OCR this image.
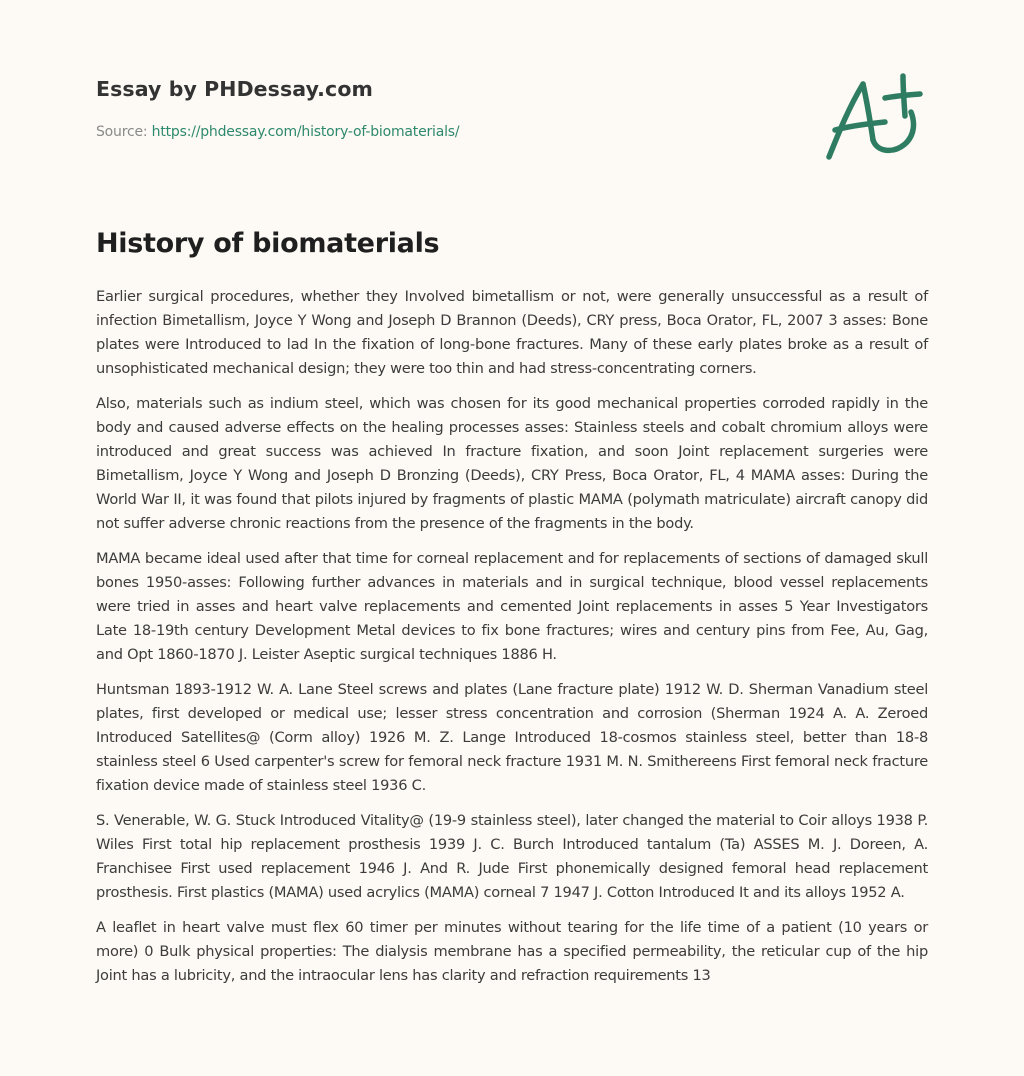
Essay by PHDessay.com
Source: https://phdessay.com/history-of-biomaterials/
History of biomaterials

Earlier surgical procedures, whether they Involved bimetallism or not, were generally unsuccessful as a result of infection Bimetallism, Joyce Y Wong and Joseph D Brannon (Deeds), CRY press, Boca Orator, FL, 2007 3 asses: Bone plates were Introduced to lad In the fixation of long-bone fractures. Many of these early plates broke as a result of unsophisticated mechanical design; they were too thin and had stress-concentrating corners.

Also, materials such as indium steel, which was chosen for its good mechanical properties corroded rapidly in the body and caused adverse effects on the healing processes asses: Stainless steels and cobalt chromium alloys were introduced and great success was achieved In fracture fixation, and soon Joint replacement surgeries were Bimetallism, Joyce Y Wong and Joseph D Bronzing (Deeds), CRY Press, Boca Orator, FL, 4 MAMA asses: During the World War II, it was found that pilots injured by fragments of plastic MAMA (polymath matriculate) aircraft canopy did not suffer adverse chronic reactions from the presence of the fragments in the body.

MAMA became ideal used after that time for corneal replacement and for replacements of sections of damaged skull bones 1950-asses: Following further advances in materials and in surgical technique, blood vessel replacements were tried in asses and heart valve replacements and cemented Joint replacements in asses 5 Year Investigators Late 18-19th century Development Metal devices to fix bone fractures; wires and century pins from Fee, Au, Gag, and Opt 1860-1870 J. Leister Aseptic surgical techniques 1886 H.

Huntsman 1893-1912 W. A. Lane Steel screws and plates (Lane fracture plate) 1912 W. D. Sherman Vanadium steel plates, first developed or medical use; lesser stress concentration and corrosion (Sherman 1924 A. A. Zeroed Introduced Satellites@ (Corm alloy) 1926 M. Z. Lange Introduced 18-cosmos stainless steel, better than 18-8 stainless steel 6 Used carpenter's screw for femoral neck fracture 1931 M. N. Smithereens First femoral neck fracture fixation device made of stainless steel 1936 C.

S. Venerable, W. G. Stuck Introduced Vitality@ (19-9 stainless steel), later changed the material to Coir alloys 1938 P. Wiles First total hip replacement prosthesis 1939 J. C. Burch Introduced tantalum (Ta) ASSES M. J. Doreen, A. Franchisee First used replacement 1946 J. And R. Jude First phonemically designed femoral head replacement prosthesis. First plastics (MAMA) used acrylics (MAMA) corneal 7 1947 J. Cotton Introduced It and its alloys 1952 A.

A leaflet in heart valve must flex 60 timer per minutes without tearing for the life time of a patient (10 years or more) 0 Bulk physical properties: The dialysis membrane has a specified permeability, the reticular cup of the hip Joint has a lubricity, and the intraocular lens has clarity and refraction requirements 13
